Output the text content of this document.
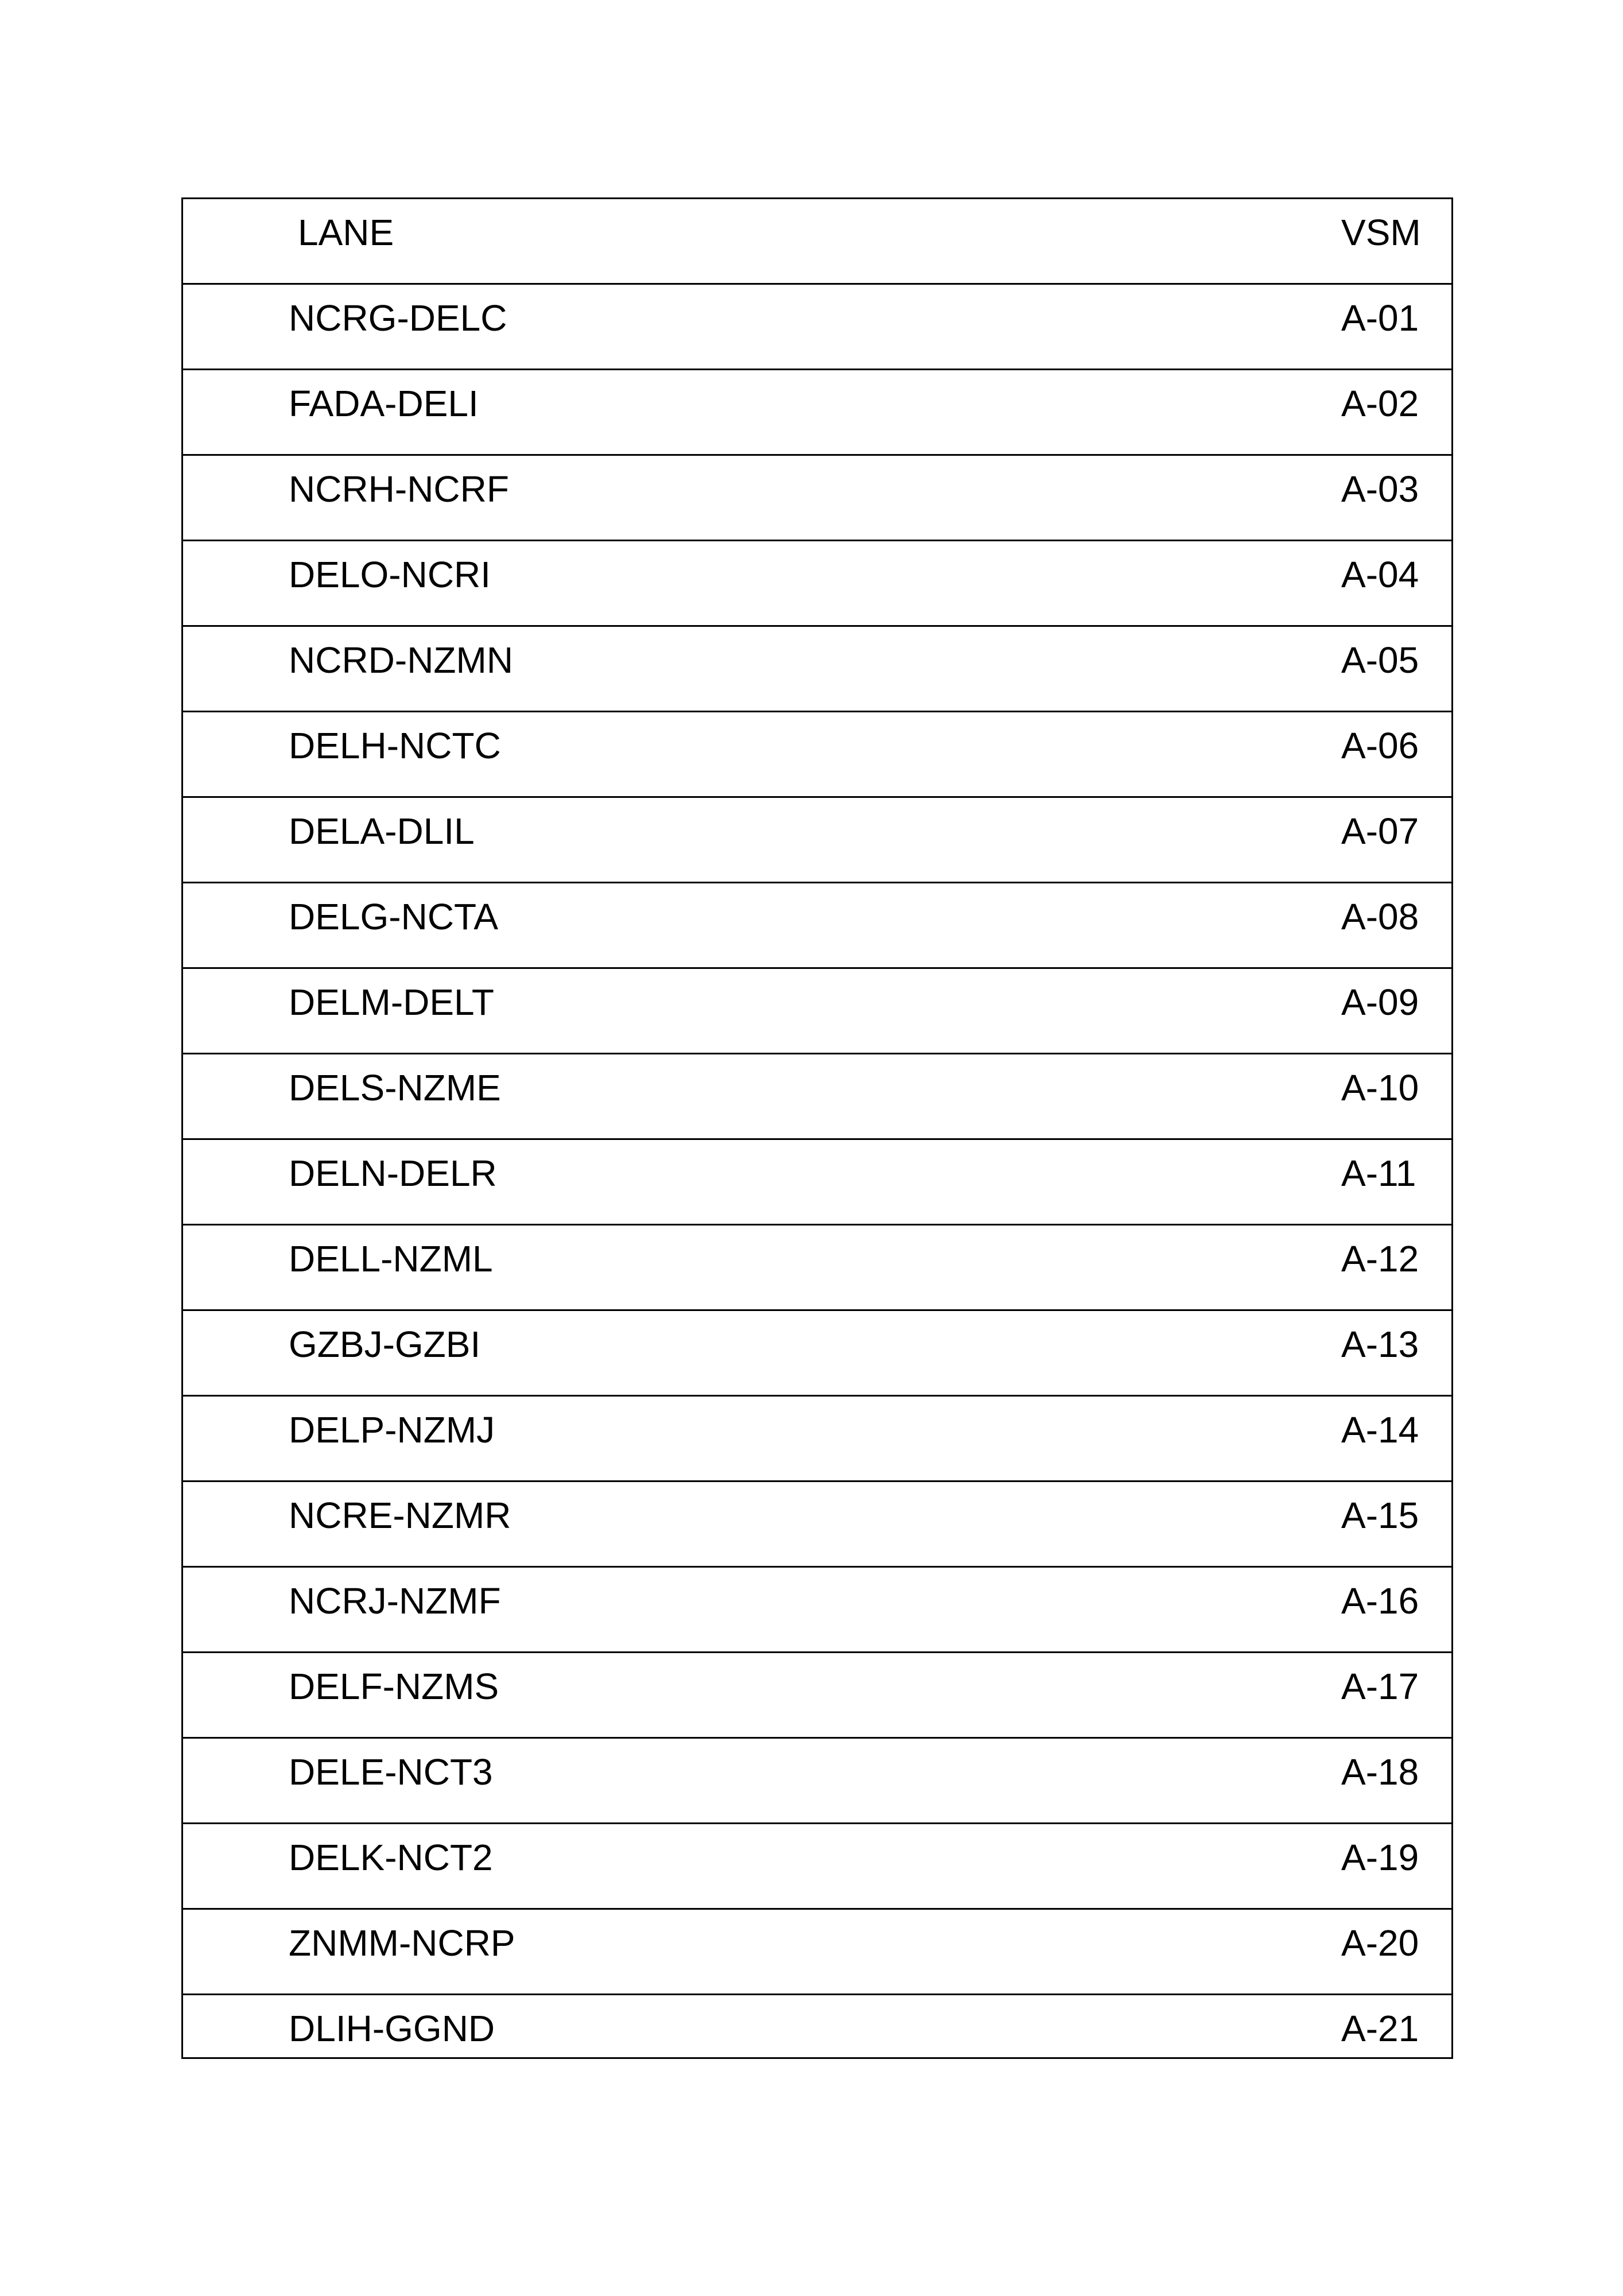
LANE	VSM

NCRG-DELC	A-01

FADA-DELI	A-02

NCRH-NCRF	A-03

DELO-NCRI	A-04

NCRD-NZMN	A-05

DELH-NCTC	A-06

DELA-DLIL	A-07

DELG-NCTA	A-08

DELM-DELT	A-09

DELS-NZME	A-10

DELN-DELR	A-11

DELL-NZML	A-12

GZBJ-GZBI	A-13

DELP-NZMJ	A-14

NCRE-NZMR	A-15

NCRJ-NZMF	A-16

DELF-NZMS	A-17

DELE-NCT3	A-18

DELK-NCT2	A-19

ZNMM-NCRP	A-20

DLIH-GGND	A-21
